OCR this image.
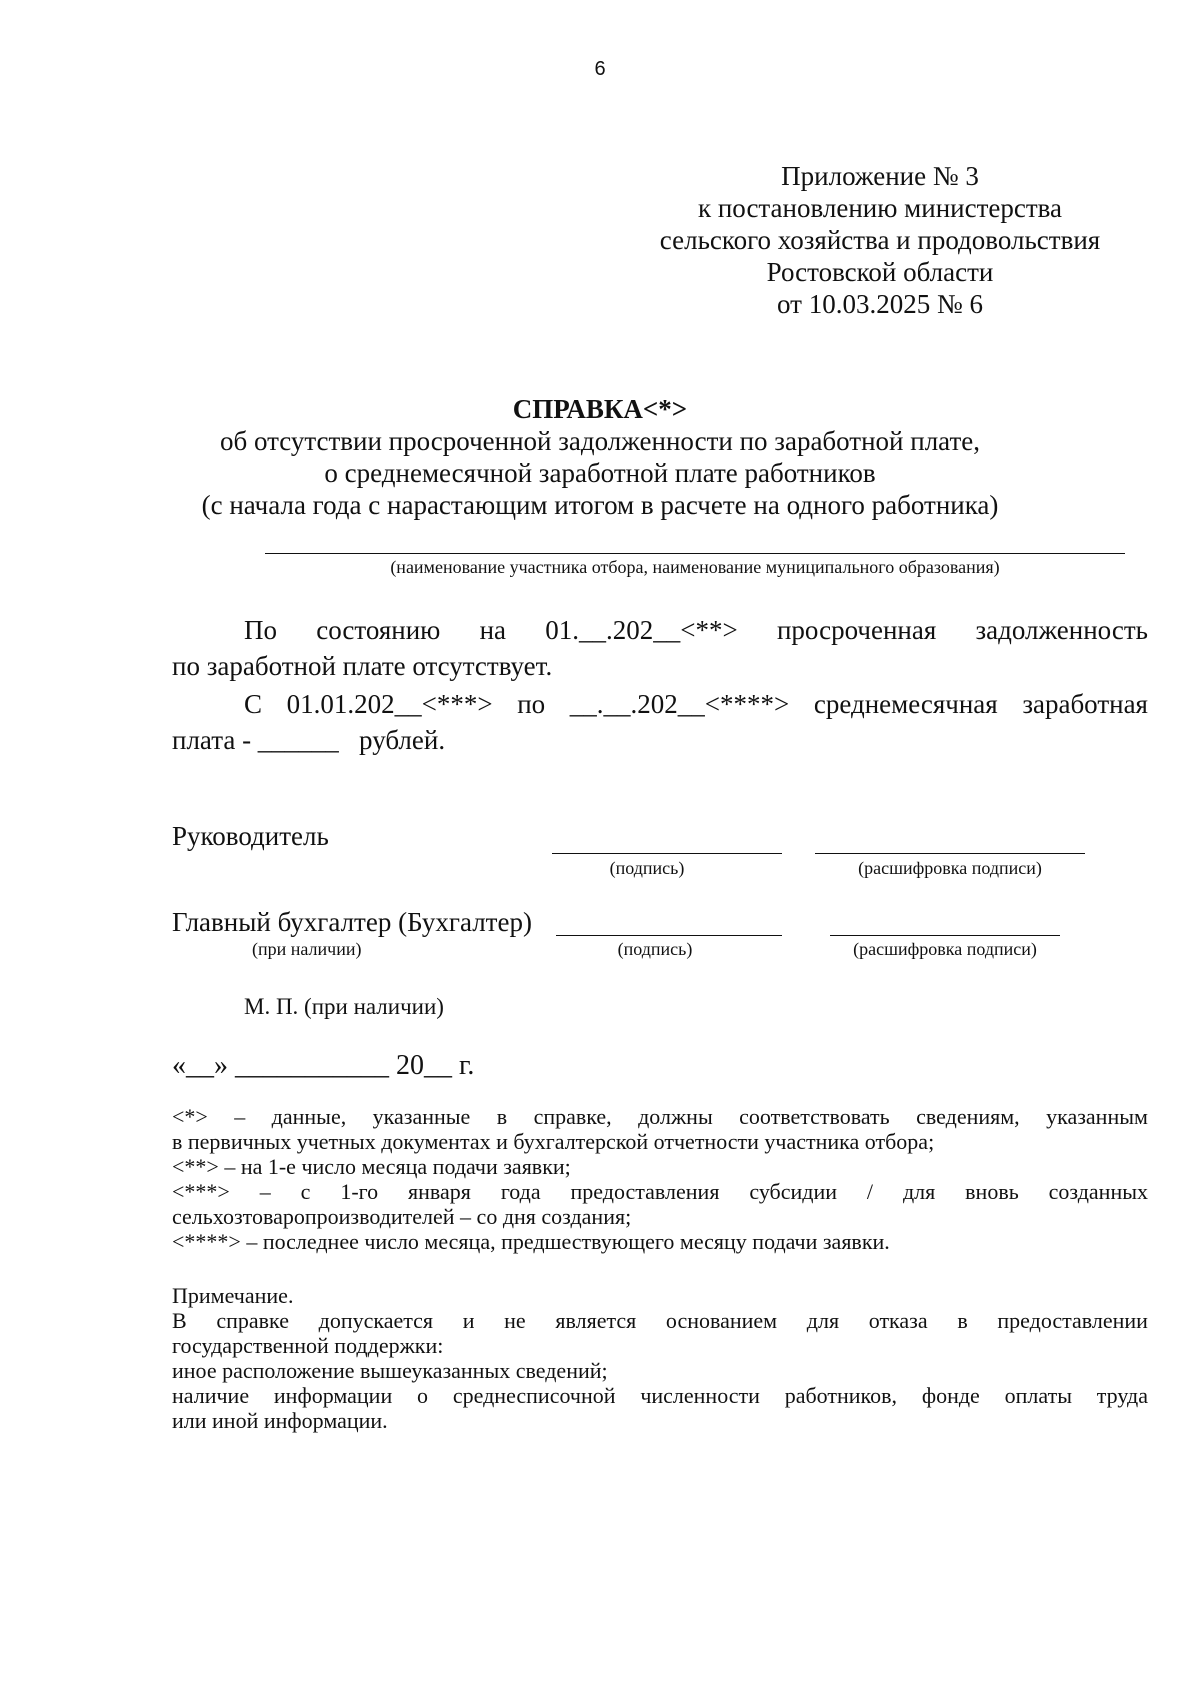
6
Приложение № 3
к постановлению министерства
сельского хозяйства и продовольствия
Ростовской области
от 10.03.2025 № 6
СПРАВКА<*>
об отсутствии просроченной задолженности по заработной плате,
о среднемесячной заработной плате работников
(с начала года с нарастающим итогом в расчете на одного работника)
(наименование участника отбора, наименование муниципального образования)
По состоянию на 01.__.202__<**> просроченная задолженность
по заработной плате отсутствует.
С 01.01.202__<***> по __.__.202__<****> среднемесячная заработная
плата - ______   рублей.
Руководитель
(подпись)	(расшифровка подписи)
Главный бухгалтер (Бухгалтер)
(при наличии)	(подпись)	(расшифровка подписи)
М. П. (при наличии)
«__» ___________ 20__ г.
<*> – данные, указанные в справке, должны соответствовать сведениям, указанным
в первичных учетных документах и бухгалтерской отчетности участника отбора;
<**> – на 1-е число месяца подачи заявки;
<***> – с 1-го января года предоставления субсидии / для вновь созданных
сельхозтоваропроизводителей – со дня создания;
<****> – последнее число месяца, предшествующего месяцу подачи заявки.
Примечание.
В справке допускается и не является основанием для отказа в предоставлении
государственной поддержки:
иное расположение вышеуказанных сведений;
наличие информации о среднесписочной численности работников, фонде оплаты труда
или иной информации.
